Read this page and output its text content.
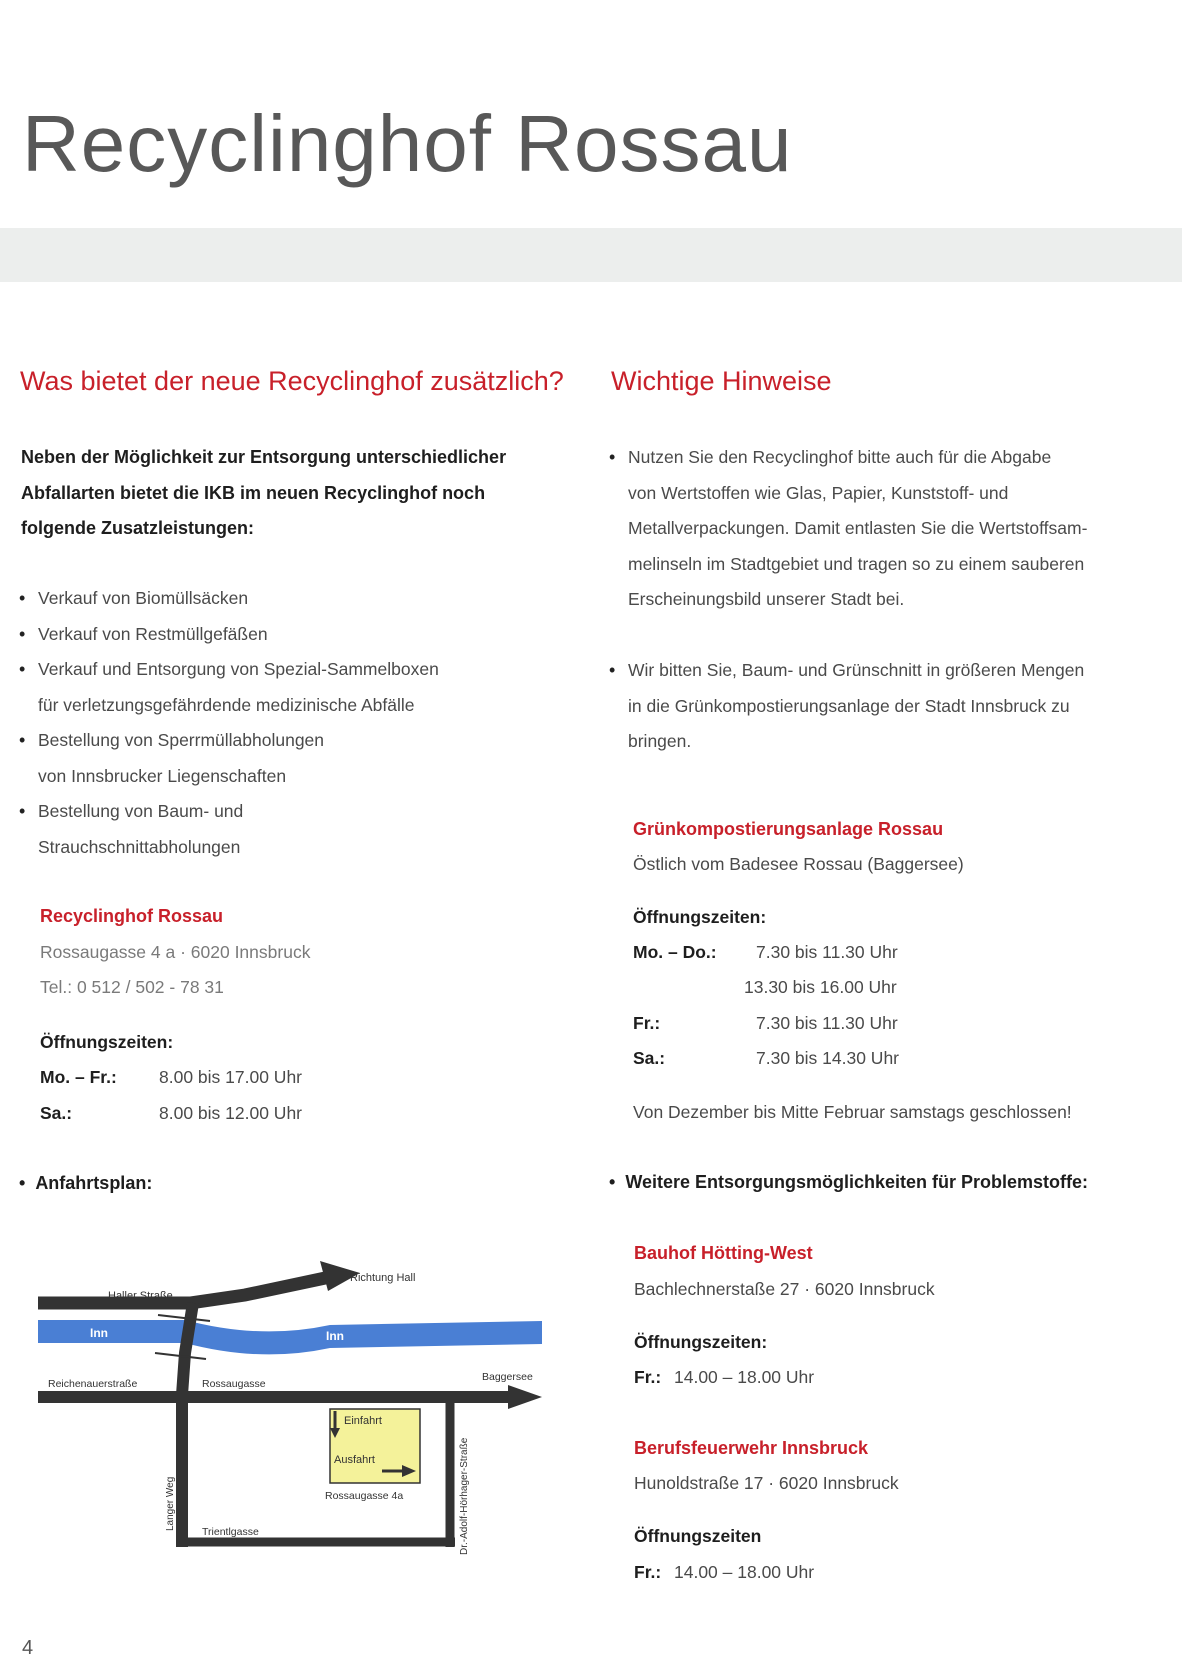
Recyclinghof Rossau
Was bietet der neue Recyclinghof zusätzlich?
Neben der Möglichkeit zur Entsorgung unterschiedlicher
Abfallarten bietet die IKB im neuen Recyclinghof noch
folgende Zusatzleistungen:
• Verkauf von Biomüllsäcken
• Verkauf von Restmüllgefäßen
• Verkauf und Entsorgung von Spezial-Sammelboxen
für verletzungsgefährdende medizinische Abfälle
• Bestellung von Sperrmüllabholungen
von Innsbrucker Liegenschaften
• Bestellung von Baum- und
Strauchschnittabholungen
Recyclinghof Rossau
Rossaugasse 4 a · 6020 Innsbruck
Tel.: 0 512 / 502 - 78 31
Öffnungszeiten:
Mo. – Fr.: 8.00 bis 17.00 Uhr
Sa.:	8.00 bis 12.00 Uhr
•  Anfahrtsplan:
Haller Straße
Richtung Hall
Inn	Inn
Reichenauerstraße	Rossaugasse
Baggersee
Einfahrt
Ausfahrt
Rossaugasse 4a
Langer Weg
Trientlgasse	Dr.-Adolf-Hörhager-Straße
Wichtige Hinweise
• Nutzen Sie den Recyclinghof bitte auch für die Abgabe
von Wertstoffen wie Glas, Papier, Kunststoff- und
Metallverpackungen. Damit entlasten Sie die Wertstoffsam-
melinseln im Stadtgebiet und tragen so zu einem sauberen
Erscheinungsbild unserer Stadt bei.
• Wir bitten Sie, Baum- und Grünschnitt in größeren Mengen
in die Grünkompostierungsanlage der Stadt Innsbruck zu
bringen.
Grünkompostierungsanlage Rossau
Östlich vom Badesee Rossau (Baggersee)
Öffnungszeiten:
Mo. – Do.: 7.30 bis 11.30 Uhr
13.30 bis 16.00 Uhr
Fr.:	7.30 bis 11.30 Uhr
Sa.:	7.30 bis 14.30 Uhr
Von Dezember bis Mitte Februar samstags geschlossen!
•  Weitere Entsorgungsmöglichkeiten für Problemstoffe:
Bauhof Hötting-West
Bachlechnerstaße 27 · 6020 Innsbruck
Öffnungszeiten:
Fr.: 14.00 – 18.00 Uhr
Berufsfeuerwehr Innsbruck
Hunoldstraße 17 · 6020 Innsbruck
Öffnungszeiten
Fr.: 14.00 – 18.00 Uhr
4
